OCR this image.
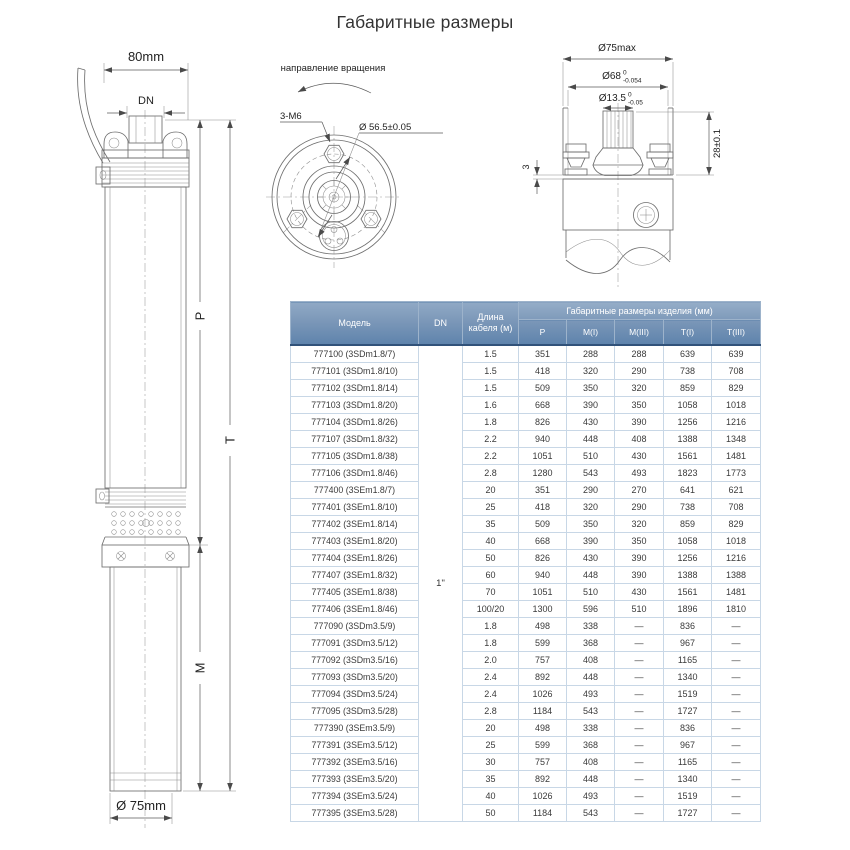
Габаритные размеры
80mm
DN
Ø 75mm
P
M
T
направление вращения
3-M6
Ø 56.5±0.05
Ø75max
Ø68 0
-0.054
Ø13.5 0
-0.05
3
28±0.1
Модель	DN	Длина кабеля (м)	Габаритные размеры изделия (мм)				
			P	M(I)	M(III)	T(I)	T(III)
777100 (3SDm1.8/7)	1"	1.5	351	288	288	639	639
777101 (3SDm1.8/10)		1.5	418	320	290	738	708
777102 (3SDm1.8/14)		1.5	509	350	320	859	829
777103 (3SDm1.8/20)		1.6	668	390	350	1058	1018
777104 (3SDm1.8/26)		1.8	826	430	390	1256	1216
777107 (3SDm1.8/32)		2.2	940	448	408	1388	1348
777105 (3SDm1.8/38)		2.2	1051	510	430	1561	1481
777106 (3SDm1.8/46)		2.8	1280	543	493	1823	1773
777400 (3SEm1.8/7)		20	351	290	270	641	621
777401 (3SEm1.8/10)		25	418	320	290	738	708
777402 (3SEm1.8/14)		35	509	350	320	859	829
777403 (3SEm1.8/20)		40	668	390	350	1058	1018
777404 (3SEm1.8/26)		50	826	430	390	1256	1216
777407 (3SEm1.8/32)		60	940	448	390	1388	1388
777405 (3SEm1.8/38)		70	1051	510	430	1561	1481
777406 (3SEm1.8/46)		100/20	1300	596	510	1896	1810
777090 (3SDm3.5/9)		1.8	498	338	—	836	—
777091 (3SDm3.5/12)		1.8	599	368	—	967	—
777092 (3SDm3.5/16)		2.0	757	408	—	1165	—
777093 (3SDm3.5/20)		2.4	892	448	—	1340	—
777094 (3SDm3.5/24)		2.4	1026	493	—	1519	—
777095 (3SDm3.5/28)		2.8	1184	543	—	1727	—
777390 (3SEm3.5/9)		20	498	338	—	836	—
777391 (3SEm3.5/12)		25	599	368	—	967	—
777392 (3SEm3.5/16)		30	757	408	—	1165	—
777393 (3SEm3.5/20)		35	892	448	—	1340	—
777394 (3SEm3.5/24)		40	1026	493	—	1519	—
777395 (3SEm3.5/28)		50	1184	543	—	1727	—
